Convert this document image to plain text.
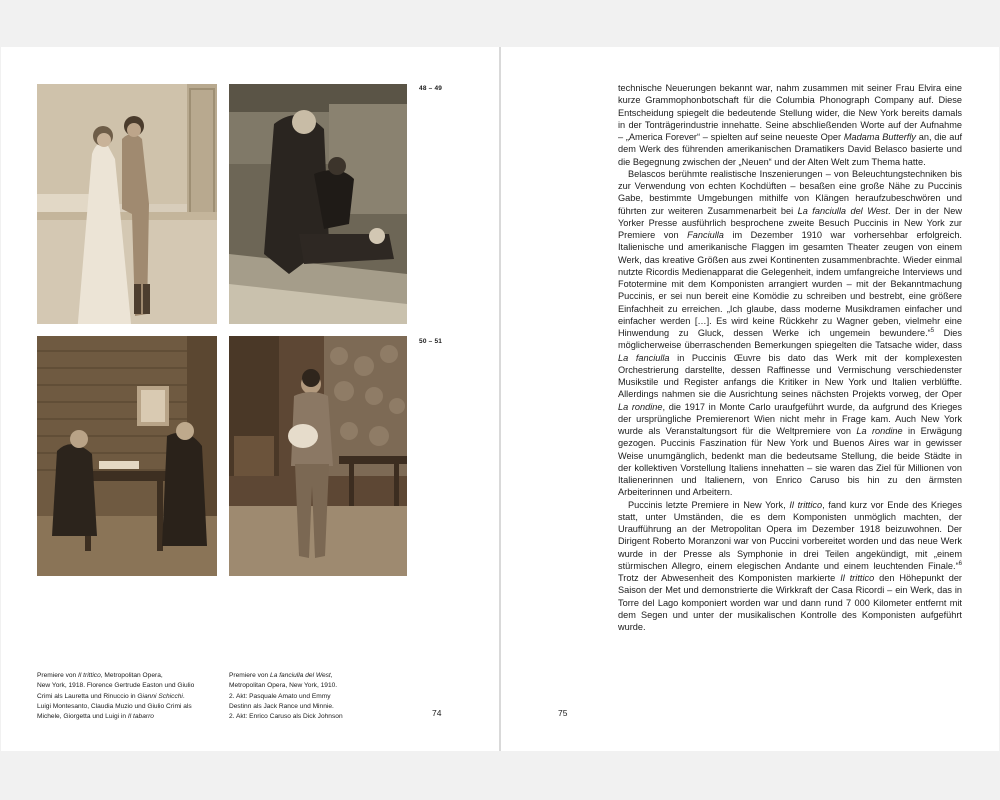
48 – 49
50 – 51

Premiere von Il trittico, Metropolitan Opera,

New York, 1918. Florence Gertrude Easton und Giulio

Crimi als Lauretta und Rinuccio in Gianni Schicchi.

Luigi Montesanto, Claudia Muzio und Giulio Crimi als

Michele, Giorgetta und Luigi in Il tabarro

Premiere von La fanciulla del West,

Metropolitan Opera, New York, 1910.

2. Akt: Pasquale Amato und Emmy

Destinn als Jack Rance und Minnie.

2. Akt: Enrico Caruso als Dick Johnson	74	75

technische Neuerungen bekannt war, nahm zusammen mit seiner Frau Elvira eine kurze Grammophonbotschaft für die Columbia Phonograph Company auf. Diese Entscheidung spiegelt die bedeutende Stellung wider, die New York bereits damals in der Tonträgerindustrie innehatte. Seine abschließenden Worte auf der Aufnahme – „America Forever“ – spielten auf seine neueste Oper Madama Butterfly an, die auf dem Werk des führenden amerikanischen Dramatikers David Belasco basierte und die Begegnung zwischen der „Neuen“ und der Alten Welt zum Thema hatte.

Belascos berühmte realistische Inszenierungen – von Beleuchtungstechniken bis zur Verwendung von echten Kochdüften – besaßen eine große Nähe zu Puccinis Gabe, bestimmte Umgebungen mithilfe von Klängen heraufzubeschwören und führten zur weiteren Zusammenarbeit bei La fanciulla del West. Der in der New Yorker Presse ausführlich besprochene zweite Besuch Puccinis in New York zur Premiere von Fanciulla im Dezember 1910 war vorhersehbar erfolgreich. Italienische und amerikanische Flaggen im gesamten Theater zeugen von einem Werk, das kreative Größen aus zwei Kontinenten zusammenbrachte. Wieder einmal nutzte Ricordis Medienapparat die Gelegenheit, indem umfangreiche Interviews und Fototermine mit dem Komponisten arrangiert wurden – mit der Bekanntmachung Puccinis, er sei nun bereit eine Komödie zu schreiben und bestrebt, eine größere Einfachheit zu erreichen. „Ich glaube, dass moderne Musikdramen einfacher und einfacher werden […]. Es wird keine Rückkehr zu Wagner geben, vielmehr eine Hinwendung zu Gluck, dessen Werke ich ungemein bewundere.“$^5$ Dies möglicherweise überraschenden Bemerkungen spiegelten die Tatsache wider, dass La fanciulla in Puccinis Œuvre bis dato das Werk mit der komplexesten Orchestrierung darstellte, dessen Raffinesse und Vermischung verschiedenster Musikstile und Register anfangs die Kritiker in New York und Italien verblüffte. Allerdings nahmen sie die Ausrichtung seines nächsten Projekts vorweg, der Oper La rondine, die 1917 in Monte Carlo uraufgeführt wurde, da aufgrund des Krieges der ursprüngliche Premierenort Wien nicht mehr in Frage kam. Auch New York wurde als Veranstaltungsort für die Weltpremiere von La rondine in Erwägung gezogen. Puccinis Faszination für New York und Buenos Aires war in gewisser Weise unumgänglich, bedenkt man die bedeutsame Stellung, die beide Städte in der kollektiven Vorstellung Italiens innehatten – sie waren das Ziel für Millionen von Italienerinnen und Italienern, von Enrico Caruso bis hin zu den ärmsten Arbeiterinnen und Arbeitern.

Puccinis letzte Premiere in New York, Il trittico, fand kurz vor Ende des Krieges statt, unter Umständen, die es dem Komponisten unmöglich machten, der Uraufführung an der Metropolitan Opera im Dezember 1918 beizuwohnen. Der Dirigent Roberto Moranzoni war von Puccini vorbereitet worden und das neue Werk wurde in der Presse als Symphonie in drei Teilen angekündigt, mit „einem stürmischen Allegro, einem elegischen Andante und einem leuchtenden Finale.“$^6$ Trotz der Abwesenheit des Komponisten markierte Il trittico den Höhepunkt der Saison der Met und demonstrierte die Wirkkraft der Casa Ricordi – ein Werk, das in Torre del Lago komponiert worden war und dann rund 7 000 Kilometer entfernt mit dem Segen und unter der musikalischen Kontrolle des Komponisten aufgeführt wurde.
